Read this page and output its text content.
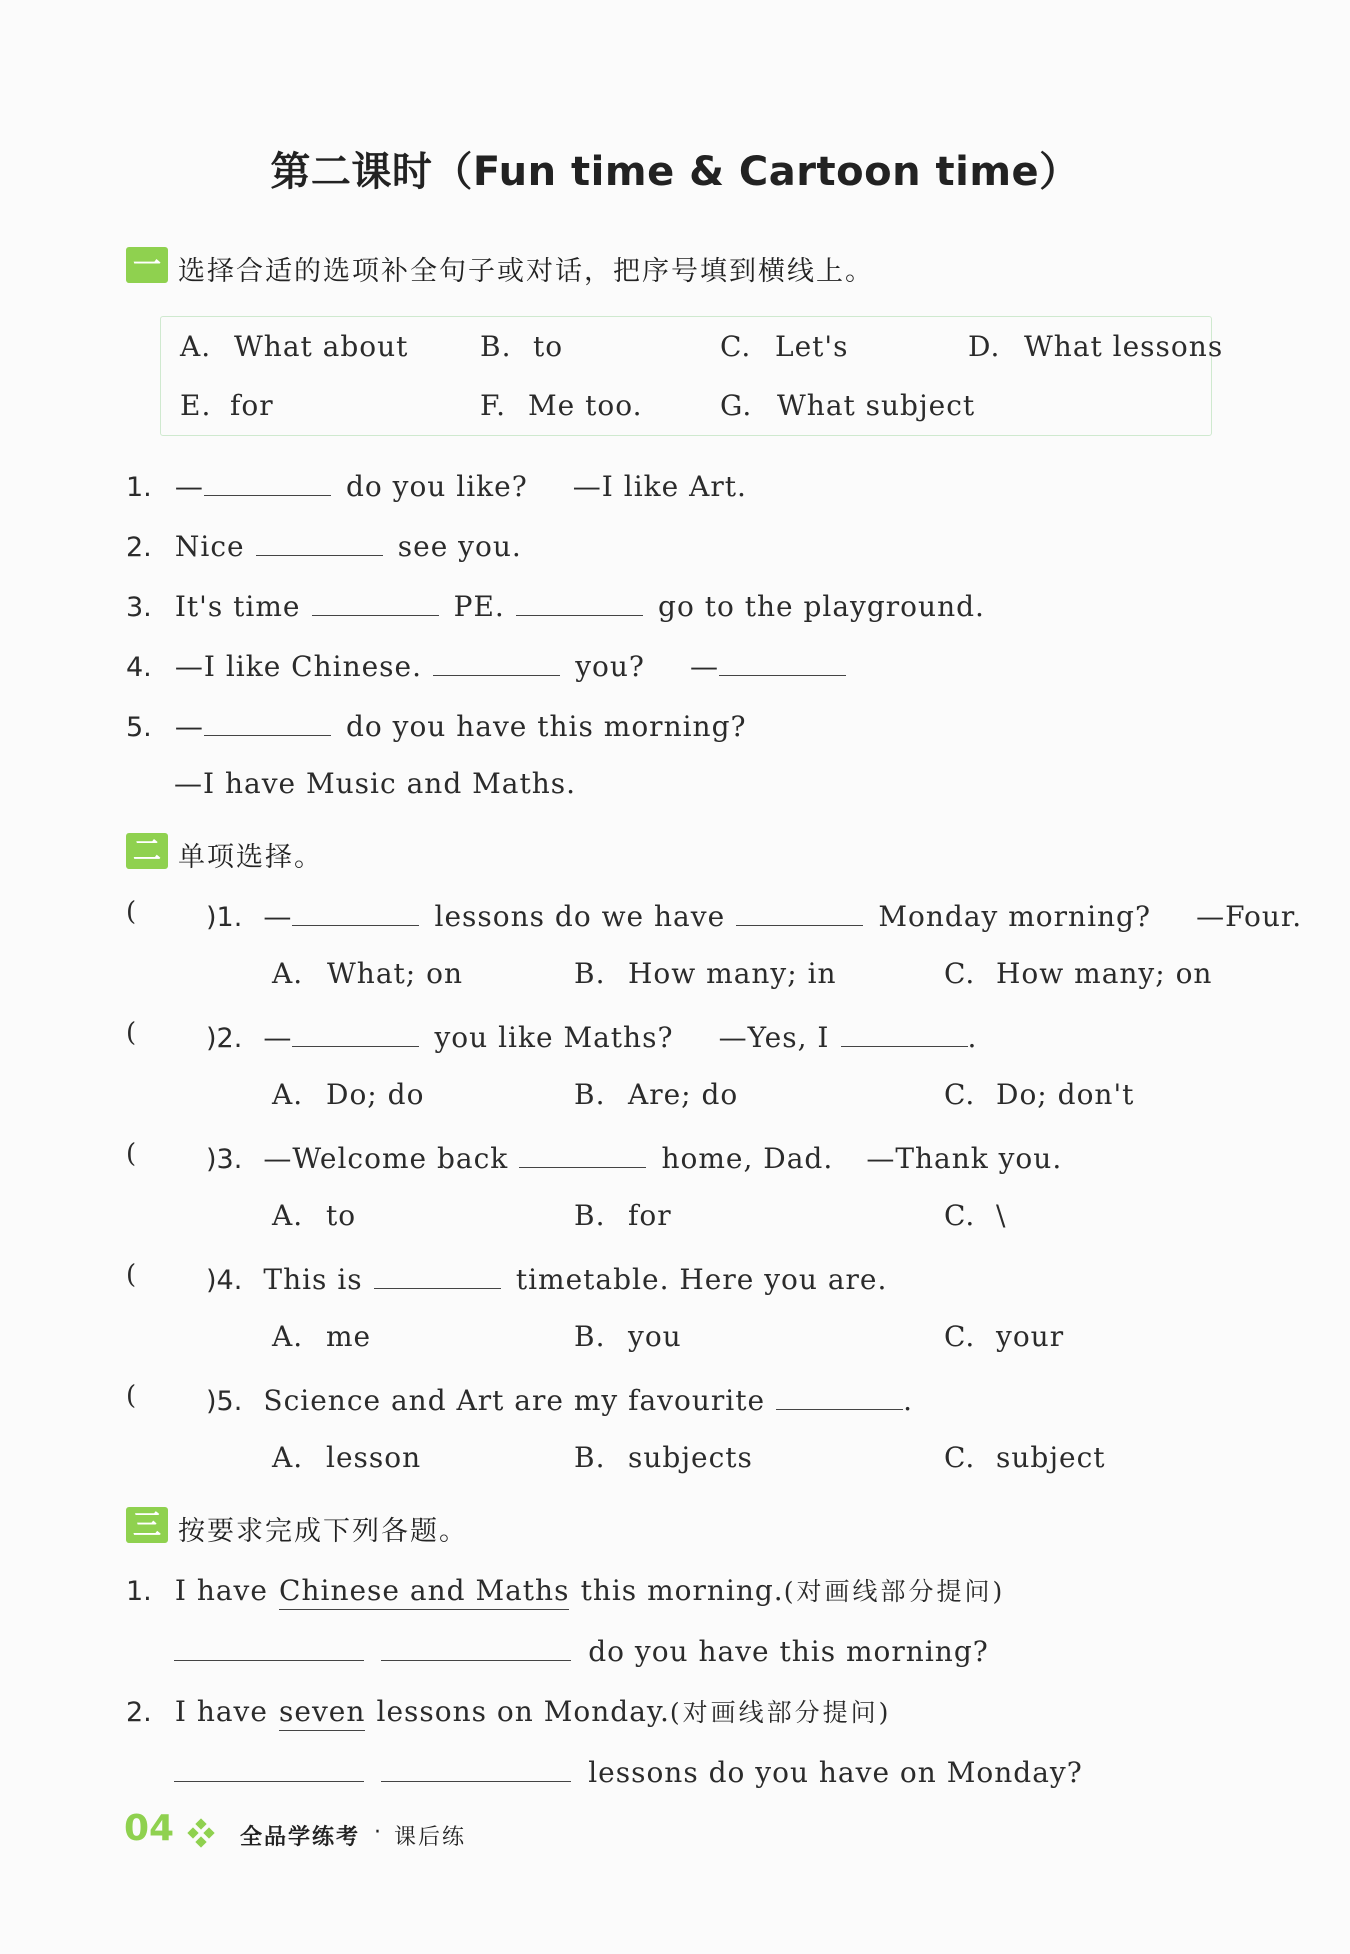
第二课时（Fun time & Cartoon time）
一 选择合适的选项补全句子或对话，把序号填到横线上。
A. What about	B. to	C. Let's	D. What lessons
E. for	F. Me too.	G. What subject
1. —	do you like? —I like Art.
2. Nice	see you.
3. It's time	PE.	go to the playground.
4. —I like Chinese.	you? —
5. —	do you have this morning?
—I have Music and Maths.
二 单项选择。
(	)1. —	lessons do we have	Monday morning? —Four.
A. What; on	B. How many; in	C. How many; on
(	)2. —	you like Maths? —Yes, I	.
A. Do; do	B. Are; do	C. Do; don't
(	)3. —Welcome back	home, Dad. —Thank you.
A. to	B. for	C. \
(	)4. This is	timetable. Here you are.
A. me	B. you	C. your
(	)5. Science and Art are my favourite	.
A. lesson	B. subjects	C. subject
三 按要求完成下列各题。
1. I have Chinese and Maths this morning.(对画线部分提问)
do you have this morning?
2. I have seven lessons on Monday.(对画线部分提问)
lessons do you have on Monday?
04	全品学练考 · 课后练
